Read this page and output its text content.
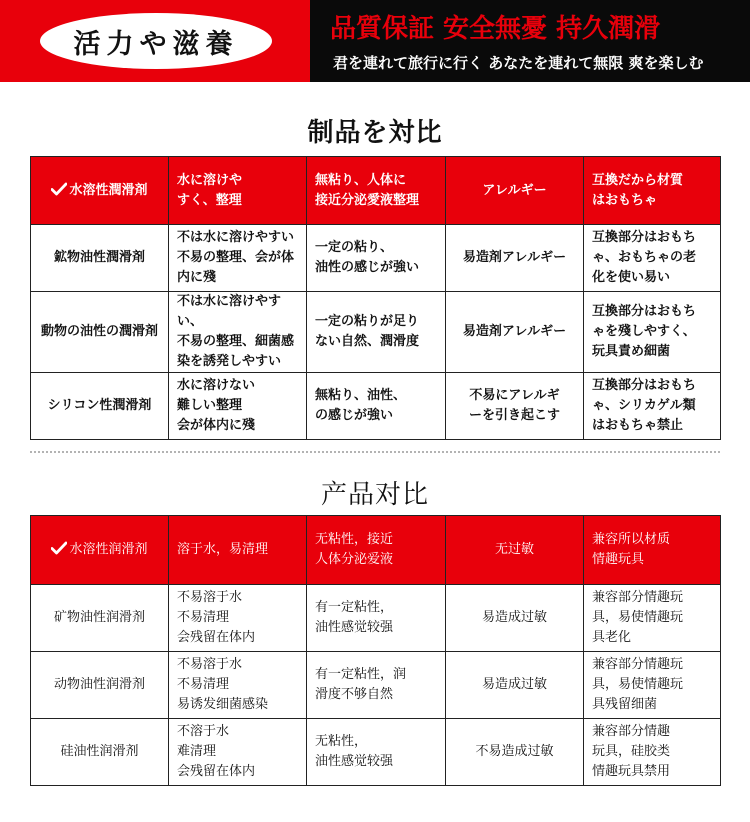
活力や滋養	品質保証 安全無憂 持久潤滑
君を連れて旅行に行く あなたを連れて無限 爽を楽しむ
制品を対比
水溶性潤滑剤	水に溶けや
すく、整理	無粘り、人体に
接近分泌愛液整理	アレルギー	互換だから材質
はおもちゃ
鉱物油性潤滑剤	不は水に溶けやすい
不易の整理、会が体
内に殘	一定の粘り、
油性の感じが強い	易造剤アレルギー	互換部分はおもち
ゃ、おもちゃの老
化を使い易い
動物の油性の潤滑剤	不は水に溶けやすい、
不易の整理、細菌感
染を誘発しやすい	一定の粘りが足り
ない自然、潤滑度	易造剤アレルギー	互換部分はおもち
ゃを殘しやすく、
玩具責め細菌
シリコン性潤滑剤	水に溶けない
難しい整理
会が体内に殘	無粘り、油性、
の感じが強い	不易にアレルギ
ーを引き起こす	互換部分はおもち
ゃ、シリカゲル類
はおもちゃ禁止
产品对比
水溶性润滑剂	溶于水，易清理	无粘性，接近
人体分泌爱液	无过敏	兼容所以材质
情趣玩具
矿物油性润滑剂	不易溶于水
不易清理
会残留在体内	有一定粘性，
油性感觉较强	易造成过敏	兼容部分情趣玩
具，易使情趣玩
具老化
动物油性润滑剂	不易溶于水
不易清理
易诱发细菌感染	有一定粘性，润
滑度不够自然	易造成过敏	兼容部分情趣玩
具，易使情趣玩
具残留细菌
硅油性润滑剂	不溶于水
难清理
会残留在体内	无粘性，
油性感觉较强	不易造成过敏	兼容部分情趣
玩具，硅胶类
情趣玩具禁用
